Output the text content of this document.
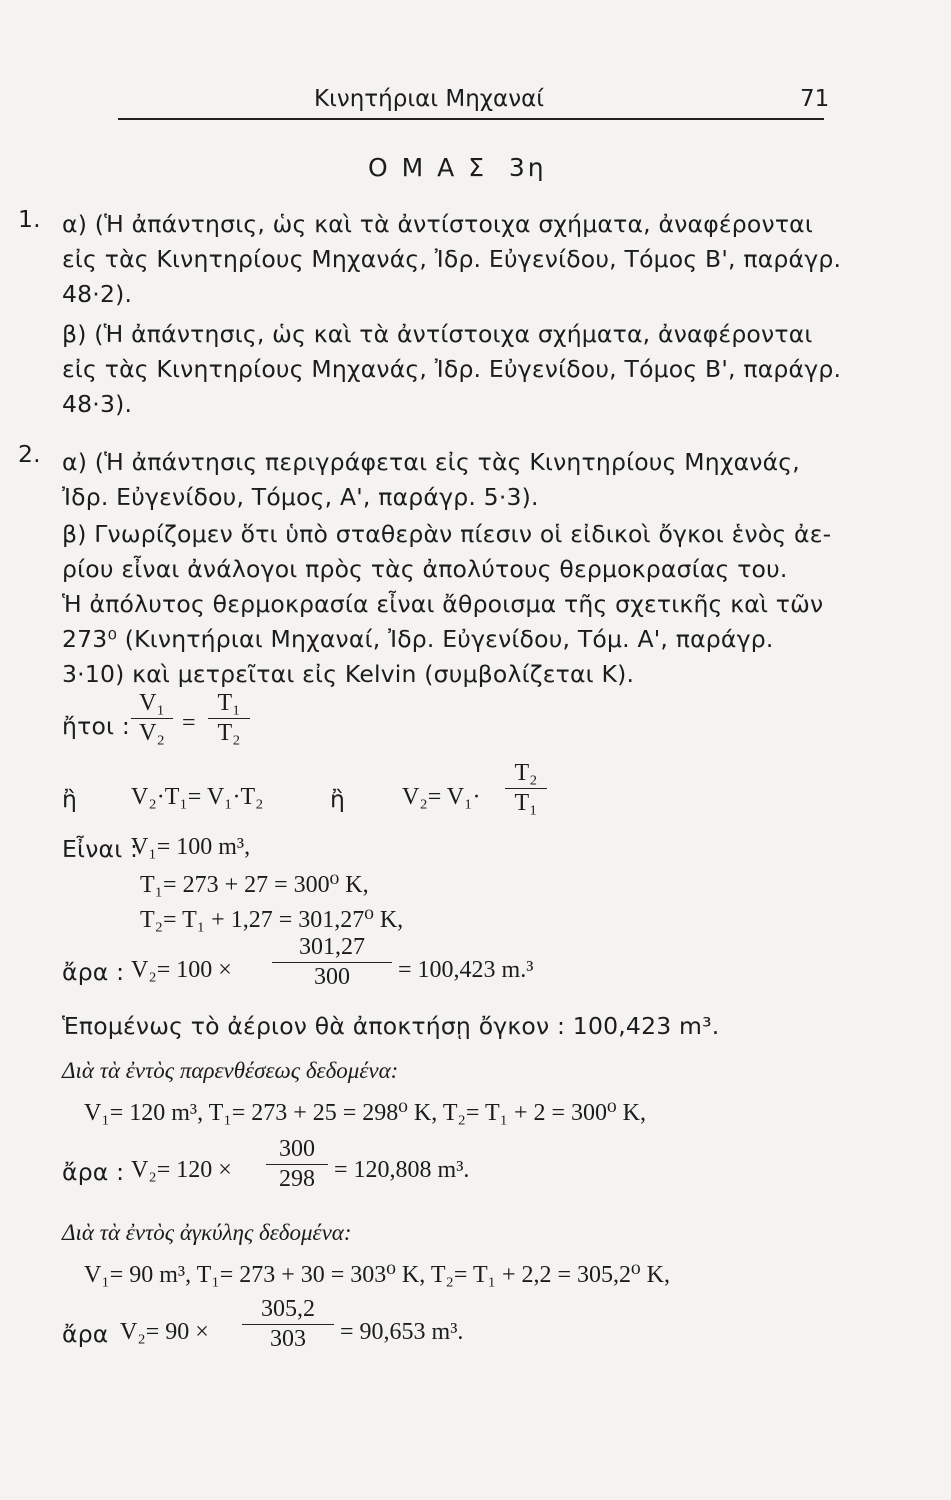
Κινητήριαι Μηχαναί	71
Ο Μ Α Σ  3η
1. α) (Ἡ ἀπάντησις, ὡς καὶ τὰ ἀντίστοιχα σχήματα, ἀναφέρονται
εἰς τὰς Κινητηρίους Μηχανάς, Ἰδρ. Εὐγενίδου, Τόμος Β', παράγρ.
48·2).
β) (Ἡ ἀπάντησις, ὡς καὶ τὰ ἀντίστοιχα σχήματα, ἀναφέρονται
εἰς τὰς Κινητηρίους Μηχανάς, Ἰδρ. Εὐγενίδου, Τόμος Β', παράγρ.
48·3).
2. α) (Ἡ ἀπάντησις περιγράφεται εἰς τὰς Κινητηρίους Μηχανάς,
Ἰδρ. Εὐγενίδου, Τόμος, Α', παράγρ. 5·3).
β) Γνωρίζομεν ὅτι ὑπὸ σταθερὰν πίεσιν οἱ εἰδικοὶ ὄγκοι ἑνὸς ἀε-
ρίου εἶναι ἀνάλογοι πρὸς τὰς ἀπολύτους θερμοκρασίας του.
Ἡ ἀπόλυτος θερμοκρασία εἶναι ἄθροισμα τῆς σχετικῆς καὶ τῶν
273⁰ (Κινητήριαι Μηχαναί, Ἰδρ. Εὐγενίδου, Τόμ. Α', παράγρ.
3·10) καὶ μετρεῖται εἰς Kelvin (συμβολίζεται Κ).
ἤτοι : $\frac{\text{V₁}}{\text{V₂}} = \frac{\text{T₁}}{\text{T₂}}$
ἢ V₂·T₁= V₁·T₂	ἢ $V_2= V_1\cdot \frac{\text{T₂}}{\text{T₁}}$
Εἶναι :
V₁= 100 m³,
T₁= 273 + 27 = 300⁰ K,
T₂= T₁ + 1,27 = 301,27⁰ K,
ἄρα : $V_2= 100 \times \frac{301,27}{300} = 100,423$ m.³
Ἑπομένως τὸ ἀέριον θὰ ἀποκτήσῃ ὄγκον : 100,423 m³.
Διὰ τὰ ἐντὸς παρενθέσεως δεδομένα:
V₁= 120 m³, T₁= 273 + 25 = 298⁰ K, T₂= T₁ + 2 = 300⁰ K,
ἄρα : $V_2= 120 \times \frac{300}{298} = 120,808$ m³.
Διὰ τὰ ἐντὸς ἀγκύλης δεδομένα:
V₁= 90 m³, T₁= 273 + 30 = 303⁰ K, T₂= T₁ + 2,2 = 305,2⁰ K,
ἄρα $V_2= 90 \times \frac{305,2}{303} = 90,653$ m³.
